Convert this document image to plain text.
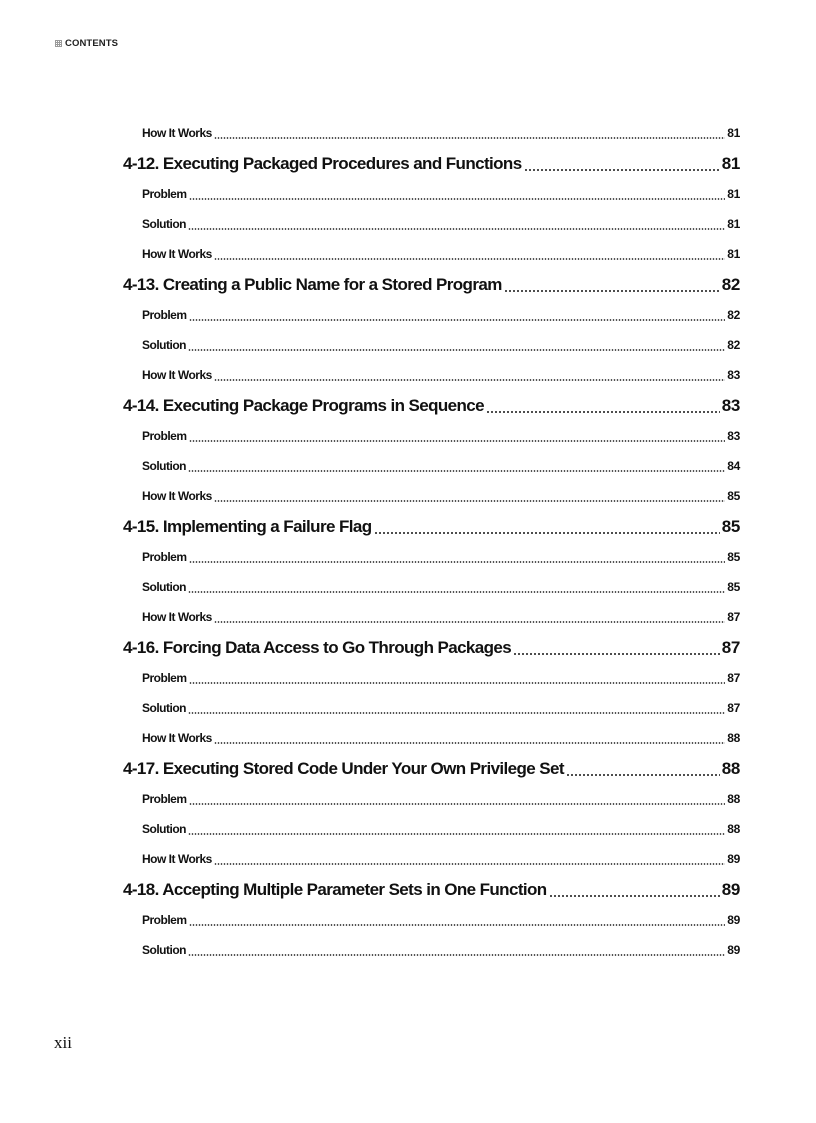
CONTENTS
How It Works	81
4-12. Executing Packaged Procedures and Functions	81
Problem	81
Solution	81
How It Works	81
4-13. Creating a Public Name for a Stored Program	82
Problem	82
Solution	82
How It Works	83
4-14. Executing Package Programs in Sequence	83
Problem	83
Solution	84
How It Works	85
4-15. Implementing a Failure Flag	85
Problem	85
Solution	85
How It Works	87
4-16. Forcing Data Access to Go Through Packages	87
Problem	87
Solution	87
How It Works	88
4-17. Executing Stored Code Under Your Own Privilege Set	88
Problem	88
Solution	88
How It Works	89
4-18. Accepting Multiple Parameter Sets in One Function	89
Problem	89
Solution	89
xii
